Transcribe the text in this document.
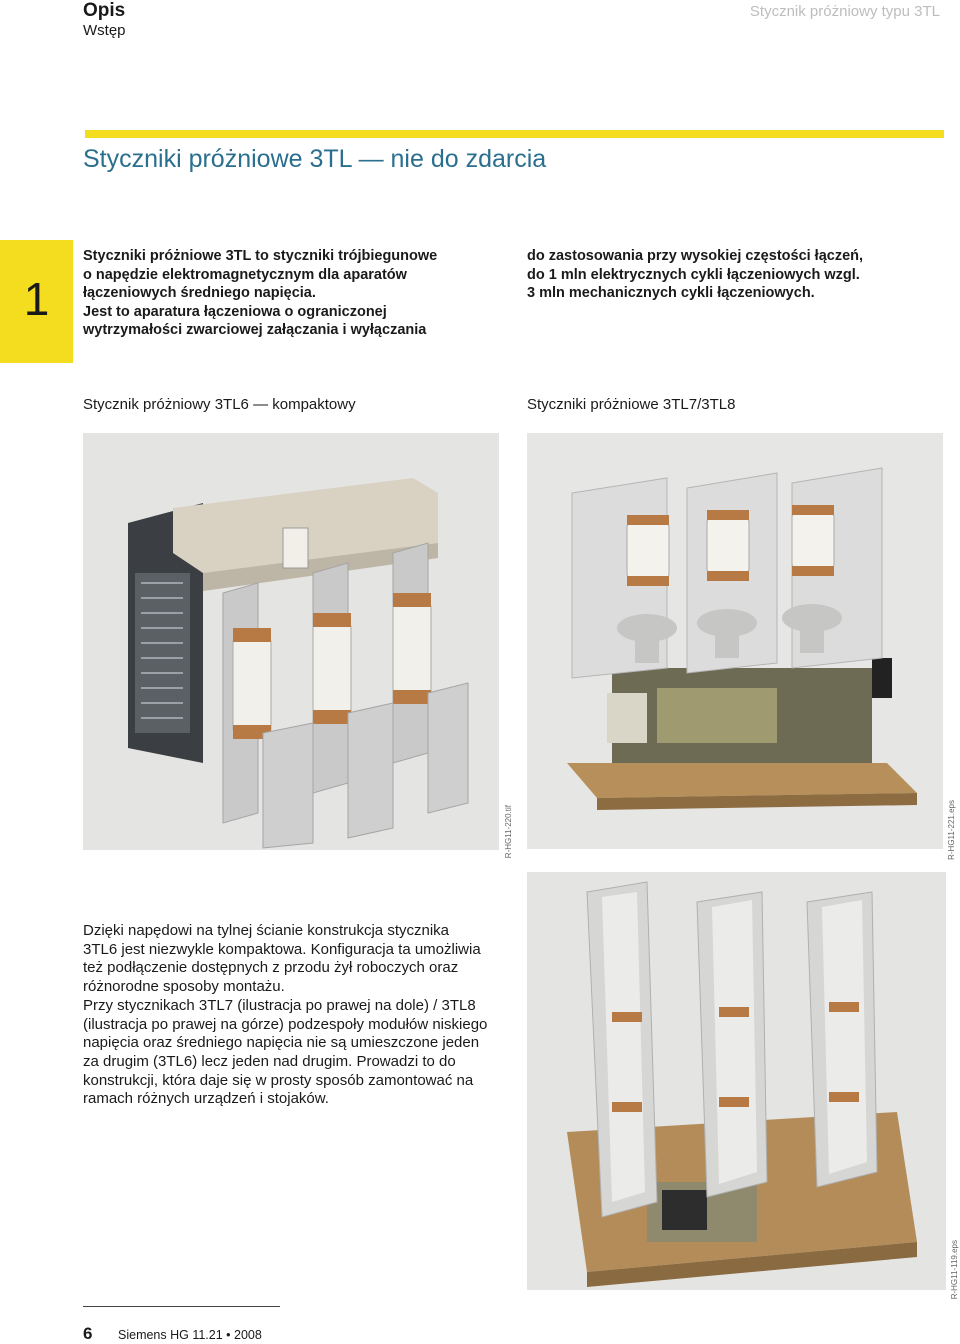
Opis
Wstęp
Stycznik próżniowy typu 3TL
Styczniki próżniowe 3TL — nie do zdarcia
1
Styczniki próżniowe 3TL to styczniki trójbiegunowe
o napędzie elektromagnetycznym dla aparatów
łączeniowych średniego napięcia.
Jest to aparatura łączeniowa o ograniczonej
wytrzymałości zwarciowej załączania i wyłączania
do zastosowania przy wysokiej częstości łączeń,
do 1 mln elektrycznych cykli łączeniowych wzgl.
3 mln mechanicznych cykli łączeniowych.
Stycznik próżniowy 3TL6 — kompaktowy	Styczniki próżniowe 3TL7/3TL8
R-HG11-220.tif	R-HG11-221.eps
R-HG11-119.eps

Dzięki napędowi na tylnej ścianie konstrukcja stycznika
3TL6 jest niezwykle kompaktowa. Konfiguracja ta umożliwia
też podłączenie dostępnych z przodu żył roboczych oraz
różnorodne sposoby montażu.

Przy stycznikach 3TL7 (ilustracja po prawej na dole) / 3TL8
(ilustracja po prawej na górze) podzespoły modułów niskiego
napięcia oraz średniego napięcia nie są umieszczone jeden
za drugim (3TL6) lecz jeden nad drugim. Prowadzi to do
konstrukcji, która daje się w prosty sposób zamontować na
ramach różnych urządzeń i stojaków.

6 Siemens HG 11.21 • 2008
